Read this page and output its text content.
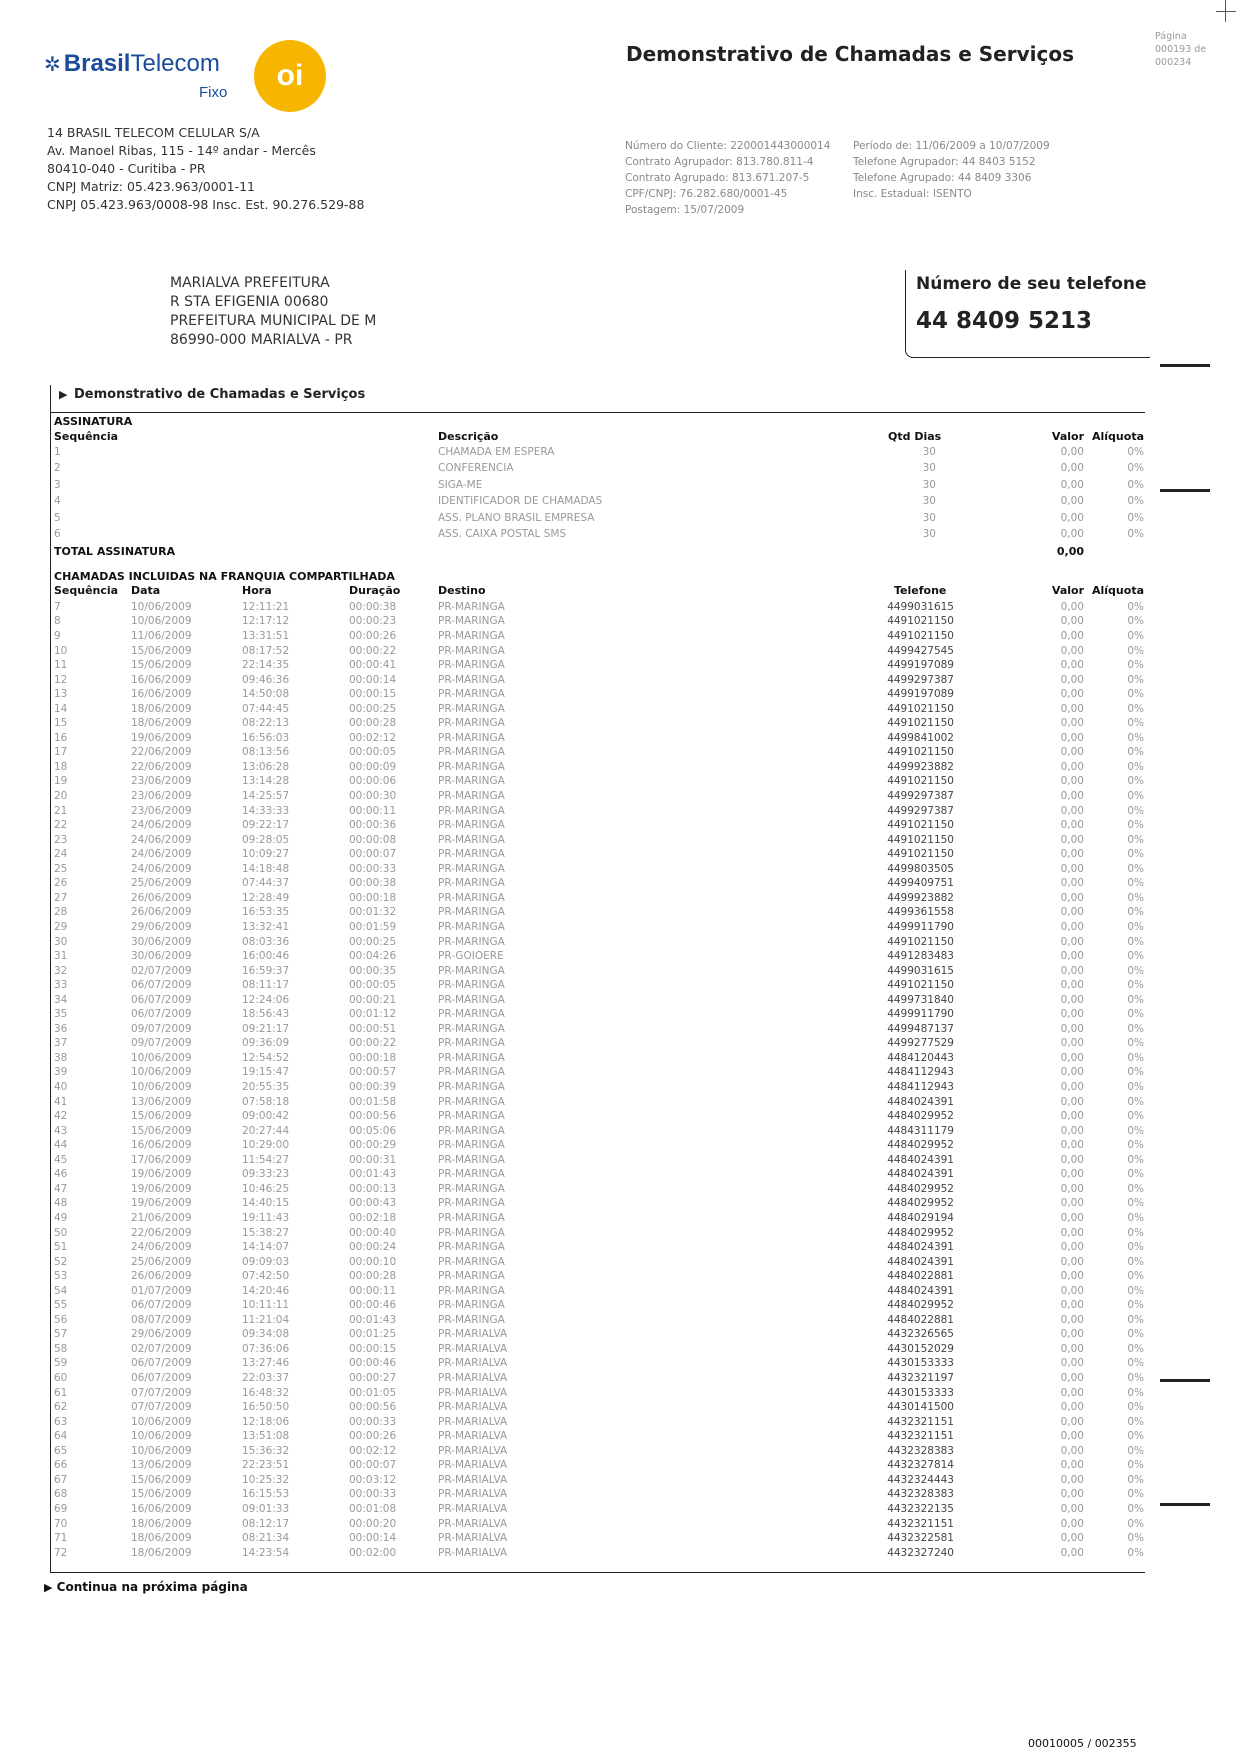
✲ BrasilTelecom
Fixo
oi
14 BRASIL TELECOM CELULAR S/A
Av. Manoel Ribas, 115 - 14º andar - Mercês
80410-040 - Curitiba - PR
CNPJ Matriz: 05.423.963/0001-11
CNPJ 05.423.963/0008-98 Insc. Est. 90.276.529-88
Demonstrativo de Chamadas e Serviços
Página
000193 de
000234
Número do Cliente: 220001443000014
Contrato Agrupador: 813.780.811-4
Contrato Agrupado: 813.671.207-5
CPF/CNPJ: 76.282.680/0001-45
Postagem: 15/07/2009
Período de: 11/06/2009 a 10/07/2009
Telefone Agrupador: 44 8403 5152
Telefone Agrupado: 44 8409 3306
Insc. Estadual: ISENTO
MARIALVA PREFEITURA
R STA EFIGENIA 00680
PREFEITURA MUNICIPAL DE M
86990-000 MARIALVA - PR
Número de seu telefone
44 8409 5213
▶ Demonstrativo de Chamadas e Serviços
ASSINATURA
Sequência	Descrição	Qtd Dias	Valor Alíquota
1	CHAMADA EM ESPERA	30	0,00	0%
2	CONFERENCIA	30	0,00	0%
3	SIGA-ME	30	0,00	0%
4	IDENTIFICADOR DE CHAMADAS	30	0,00	0%
5	ASS. PLANO BRASIL EMPRESA	30	0,00	0%
6	ASS. CAIXA POSTAL SMS	30	0,00	0%
TOTAL ASSINATURA	0,00
CHAMADAS INCLUIDAS NA FRANQUIA COMPARTILHADA
Sequência Data	Hora	Duração	Destino	Telefone	Valor Alíquota
7	10/06/2009	12:11:21	00:00:38	PR-MARINGA	4499031615	0,00	0%
8	10/06/2009	12:17:12	00:00:23	PR-MARINGA	4491021150	0,00	0%
9	11/06/2009	13:31:51	00:00:26	PR-MARINGA	4491021150	0,00	0%
10	15/06/2009	08:17:52	00:00:22	PR-MARINGA	4499427545	0,00	0%
11	15/06/2009	22:14:35	00:00:41	PR-MARINGA	4499197089	0,00	0%
12	16/06/2009	09:46:36	00:00:14	PR-MARINGA	4499297387	0,00	0%
13	16/06/2009	14:50:08	00:00:15	PR-MARINGA	4499197089	0,00	0%
14	18/06/2009	07:44:45	00:00:25	PR-MARINGA	4491021150	0,00	0%
15	18/06/2009	08:22:13	00:00:28	PR-MARINGA	4491021150	0,00	0%
16	19/06/2009	16:56:03	00:02:12	PR-MARINGA	4499841002	0,00	0%
17	22/06/2009	08:13:56	00:00:05	PR-MARINGA	4491021150	0,00	0%
18	22/06/2009	13:06:28	00:00:09	PR-MARINGA	4499923882	0,00	0%
19	23/06/2009	13:14:28	00:00:06	PR-MARINGA	4491021150	0,00	0%
20	23/06/2009	14:25:57	00:00:30	PR-MARINGA	4499297387	0,00	0%
21	23/06/2009	14:33:33	00:00:11	PR-MARINGA	4499297387	0,00	0%
22	24/06/2009	09:22:17	00:00:36	PR-MARINGA	4491021150	0,00	0%
23	24/06/2009	09:28:05	00:00:08	PR-MARINGA	4491021150	0,00	0%
24	24/06/2009	10:09:27	00:00:07	PR-MARINGA	4491021150	0,00	0%
25	24/06/2009	14:18:48	00:00:33	PR-MARINGA	4499803505	0,00	0%
26	25/06/2009	07:44:37	00:00:38	PR-MARINGA	4499409751	0,00	0%
27	26/06/2009	12:28:49	00:00:18	PR-MARINGA	4499923882	0,00	0%
28	26/06/2009	16:53:35	00:01:32	PR-MARINGA	4499361558	0,00	0%
29	29/06/2009	13:32:41	00:01:59	PR-MARINGA	4499911790	0,00	0%
30	30/06/2009	08:03:36	00:00:25	PR-MARINGA	4491021150	0,00	0%
31	30/06/2009	16:00:46	00:04:26	PR-GOIOERE	4491283483	0,00	0%
32	02/07/2009	16:59:37	00:00:35	PR-MARINGA	4499031615	0,00	0%
33	06/07/2009	08:11:17	00:00:05	PR-MARINGA	4491021150	0,00	0%
34	06/07/2009	12:24:06	00:00:21	PR-MARINGA	4499731840	0,00	0%
35	06/07/2009	18:56:43	00:01:12	PR-MARINGA	4499911790	0,00	0%
36	09/07/2009	09:21:17	00:00:51	PR-MARINGA	4499487137	0,00	0%
37	09/07/2009	09:36:09	00:00:22	PR-MARINGA	4499277529	0,00	0%
38	10/06/2009	12:54:52	00:00:18	PR-MARINGA	4484120443	0,00	0%
39	10/06/2009	19:15:47	00:00:57	PR-MARINGA	4484112943	0,00	0%
40	10/06/2009	20:55:35	00:00:39	PR-MARINGA	4484112943	0,00	0%
41	13/06/2009	07:58:18	00:01:58	PR-MARINGA	4484024391	0,00	0%
42	15/06/2009	09:00:42	00:00:56	PR-MARINGA	4484029952	0,00	0%
43	15/06/2009	20:27:44	00:05:06	PR-MARINGA	4484311179	0,00	0%
44	16/06/2009	10:29:00	00:00:29	PR-MARINGA	4484029952	0,00	0%
45	17/06/2009	11:54:27	00:00:31	PR-MARINGA	4484024391	0,00	0%
46	19/06/2009	09:33:23	00:01:43	PR-MARINGA	4484024391	0,00	0%
47	19/06/2009	10:46:25	00:00:13	PR-MARINGA	4484029952	0,00	0%
48	19/06/2009	14:40:15	00:00:43	PR-MARINGA	4484029952	0,00	0%
49	21/06/2009	19:11:43	00:02:18	PR-MARINGA	4484029194	0,00	0%
50	22/06/2009	15:38:27	00:00:40	PR-MARINGA	4484029952	0,00	0%
51	24/06/2009	14:14:07	00:00:24	PR-MARINGA	4484024391	0,00	0%
52	25/06/2009	09:09:03	00:00:10	PR-MARINGA	4484024391	0,00	0%
53	26/06/2009	07:42:50	00:00:28	PR-MARINGA	4484022881	0,00	0%
54	01/07/2009	14:20:46	00:00:11	PR-MARINGA	4484024391	0,00	0%
55	06/07/2009	10:11:11	00:00:46	PR-MARINGA	4484029952	0,00	0%
56	08/07/2009	11:21:04	00:01:43	PR-MARINGA	4484022881	0,00	0%
57	29/06/2009	09:34:08	00:01:25	PR-MARIALVA	4432326565	0,00	0%
58	02/07/2009	07:36:06	00:00:15	PR-MARIALVA	4430152029	0,00	0%
59	06/07/2009	13:27:46	00:00:46	PR-MARIALVA	4430153333	0,00	0%
60	06/07/2009	22:03:37	00:00:27	PR-MARIALVA	4432321197	0,00	0%
61	07/07/2009	16:48:32	00:01:05	PR-MARIALVA	4430153333	0,00	0%
62	07/07/2009	16:50:50	00:00:56	PR-MARIALVA	4430141500	0,00	0%
63	10/06/2009	12:18:06	00:00:33	PR-MARIALVA	4432321151	0,00	0%
64	10/06/2009	13:51:08	00:00:26	PR-MARIALVA	4432321151	0,00	0%
65	10/06/2009	15:36:32	00:02:12	PR-MARIALVA	4432328383	0,00	0%
66	13/06/2009	22:23:51	00:00:07	PR-MARIALVA	4432327814	0,00	0%
67	15/06/2009	10:25:32	00:03:12	PR-MARIALVA	4432324443	0,00	0%
68	15/06/2009	16:15:53	00:00:33	PR-MARIALVA	4432328383	0,00	0%
69	16/06/2009	09:01:33	00:01:08	PR-MARIALVA	4432322135	0,00	0%
70	18/06/2009	08:12:17	00:00:20	PR-MARIALVA	4432321151	0,00	0%
71	18/06/2009	08:21:34	00:00:14	PR-MARIALVA	4432322581	0,00	0%
72	18/06/2009	14:23:54	00:02:00	PR-MARIALVA	4432327240	0,00	0%
▶ Continua na próxima página
00010005 / 002355
